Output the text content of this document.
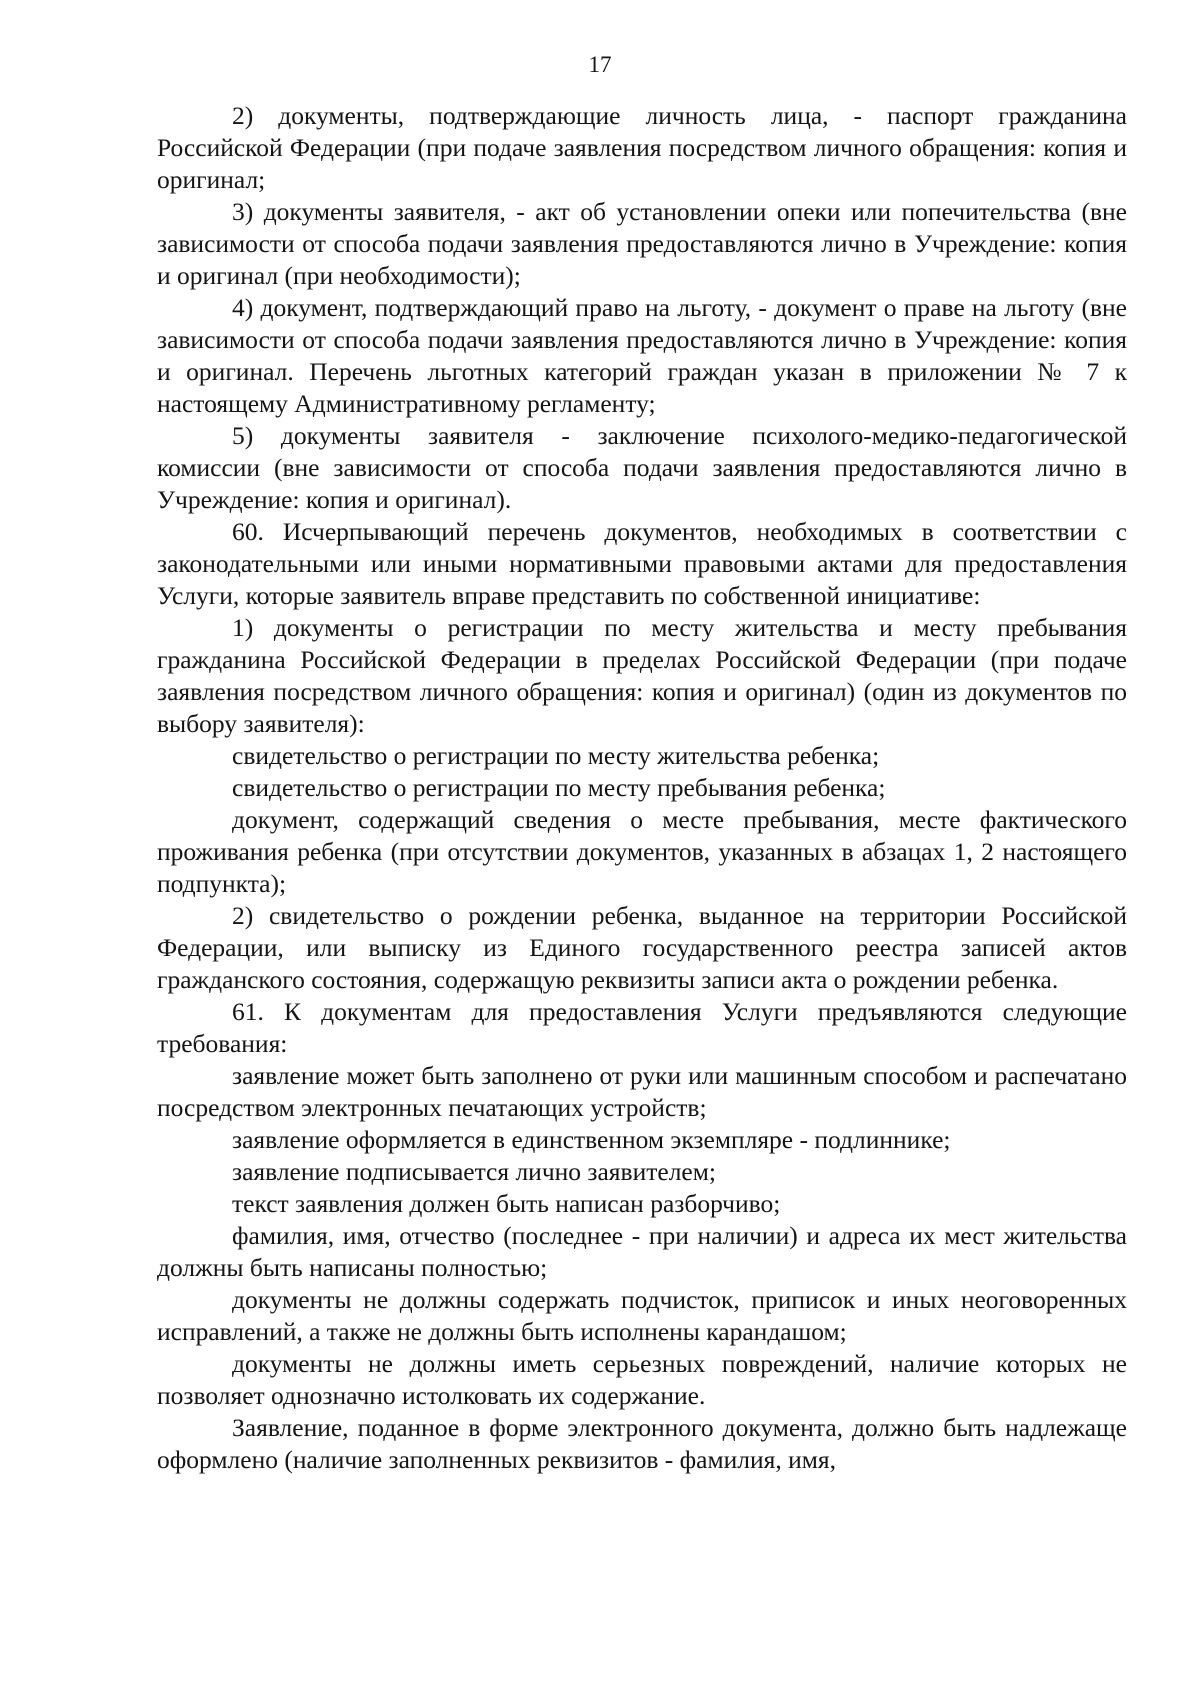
17

2) документы, подтверждающие личность лица, - паспорт гражданина Российской Федерации (при подаче заявления посредством личного обращения: копия и оригинал;

3) документы заявителя, - акт об установлении опеки или попечительства (вне зависимости от способа подачи заявления предоставляются лично в Учреждение: копия и оригинал (при необходимости);

4) документ, подтверждающий право на льготу, - документ о праве на льготу (вне зависимости от способа подачи заявления предоставляются лично в Учреждение: копия и оригинал. Перечень льготных категорий граждан указан в приложении № 7 к настоящему Административному регламенту;

5) документы заявителя - заключение психолого-медико-педагогической комиссии (вне зависимости от способа подачи заявления предоставляются лично в Учреждение: копия и оригинал).

60. Исчерпывающий перечень документов, необходимых в соответствии с законодательными или иными нормативными правовыми актами для предоставления Услуги, которые заявитель вправе представить по собственной инициативе:

1) документы о регистрации по месту жительства и месту пребывания гражданина Российской Федерации в пределах Российской Федерации (при подаче заявления посредством личного обращения: копия и оригинал) (один из документов по выбору заявителя):

свидетельство о регистрации по месту жительства ребенка;

свидетельство о регистрации по месту пребывания ребенка;

документ, содержащий сведения о месте пребывания, месте фактического проживания ребенка (при отсутствии документов, указанных в абзацах 1, 2 настоящего подпункта);

2) свидетельство о рождении ребенка, выданное на территории Российской Федерации, или выписку из Единого государственного реестра записей актов гражданского состояния, содержащую реквизиты записи акта о рождении ребенка.

61. К документам для предоставления Услуги предъявляются следующие требования:

заявление может быть заполнено от руки или машинным способом и распечатано посредством электронных печатающих устройств;

заявление оформляется в единственном экземпляре - подлиннике;

заявление подписывается лично заявителем;

текст заявления должен быть написан разборчиво;

фамилия, имя, отчество (последнее - при наличии) и адреса их мест жительства должны быть написаны полностью;

документы не должны содержать подчисток, приписок и иных неоговоренных исправлений, а также не должны быть исполнены карандашом;

документы не должны иметь серьезных повреждений, наличие которых не позволяет однозначно истолковать их содержание.

Заявление, поданное в форме электронного документа, должно быть надлежаще оформлено (наличие заполненных реквизитов - фамилия, имя,
